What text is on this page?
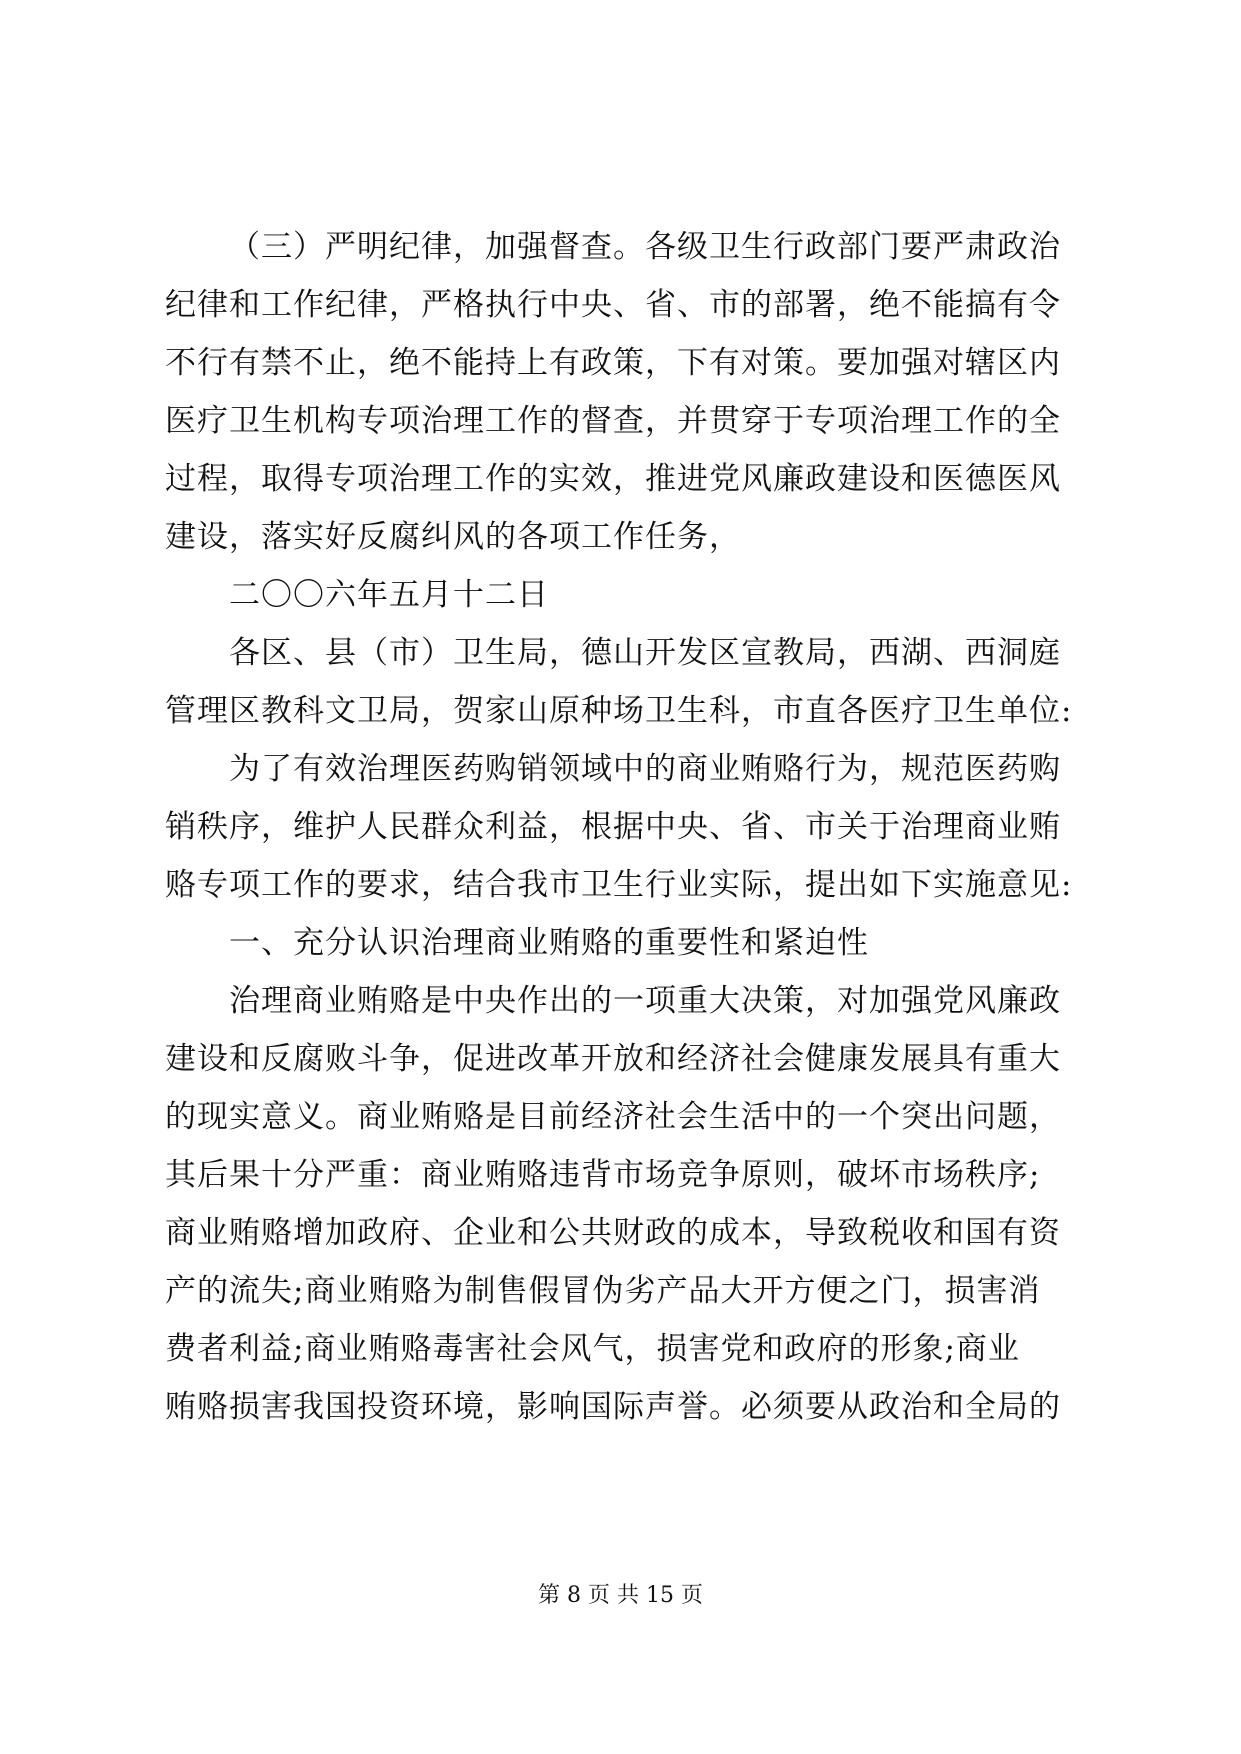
（三）严明纪律，加强督查。各级卫生行政部门要严肃政治
纪律和工作纪律，严格执行中央、省、市的部署，绝不能搞有令
不行有禁不止，绝不能持上有政策，下有对策。要加强对辖区内
医疗卫生机构专项治理工作的督查，并贯穿于专项治理工作的全
过程，取得专项治理工作的实效，推进党风廉政建设和医德医风
建设，落实好反腐纠风的各项工作任务，
二〇〇六年五月十二日
各区、县（市）卫生局，德山开发区宣教局，西湖、西洞庭
管理区教科文卫局，贺家山原种场卫生科，市直各医疗卫生单位:
为了有效治理医药购销领域中的商业贿赂行为，规范医药购
销秩序，维护人民群众利益，根据中央、省、市关于治理商业贿
赂专项工作的要求，结合我市卫生行业实际，提出如下实施意见:
一、充分认识治理商业贿赂的重要性和紧迫性
治理商业贿赂是中央作出的一项重大决策，对加强党风廉政
建设和反腐败斗争，促进改革开放和经济社会健康发展具有重大
的现实意义。商业贿赂是目前经济社会生活中的一个突出问题，
其后果十分严重：商业贿赂违背市场竞争原则，破坏市场秩序;
商业贿赂增加政府、企业和公共财政的成本，导致税收和国有资
产的流失;商业贿赂为制售假冒伪劣产品大开方便之门，损害消
费者利益;商业贿赂毒害社会风气，损害党和政府的形象;商业
贿赂损害我国投资环境，影响国际声誉。必须要从政治和全局的
第 8 页 共 15 页
